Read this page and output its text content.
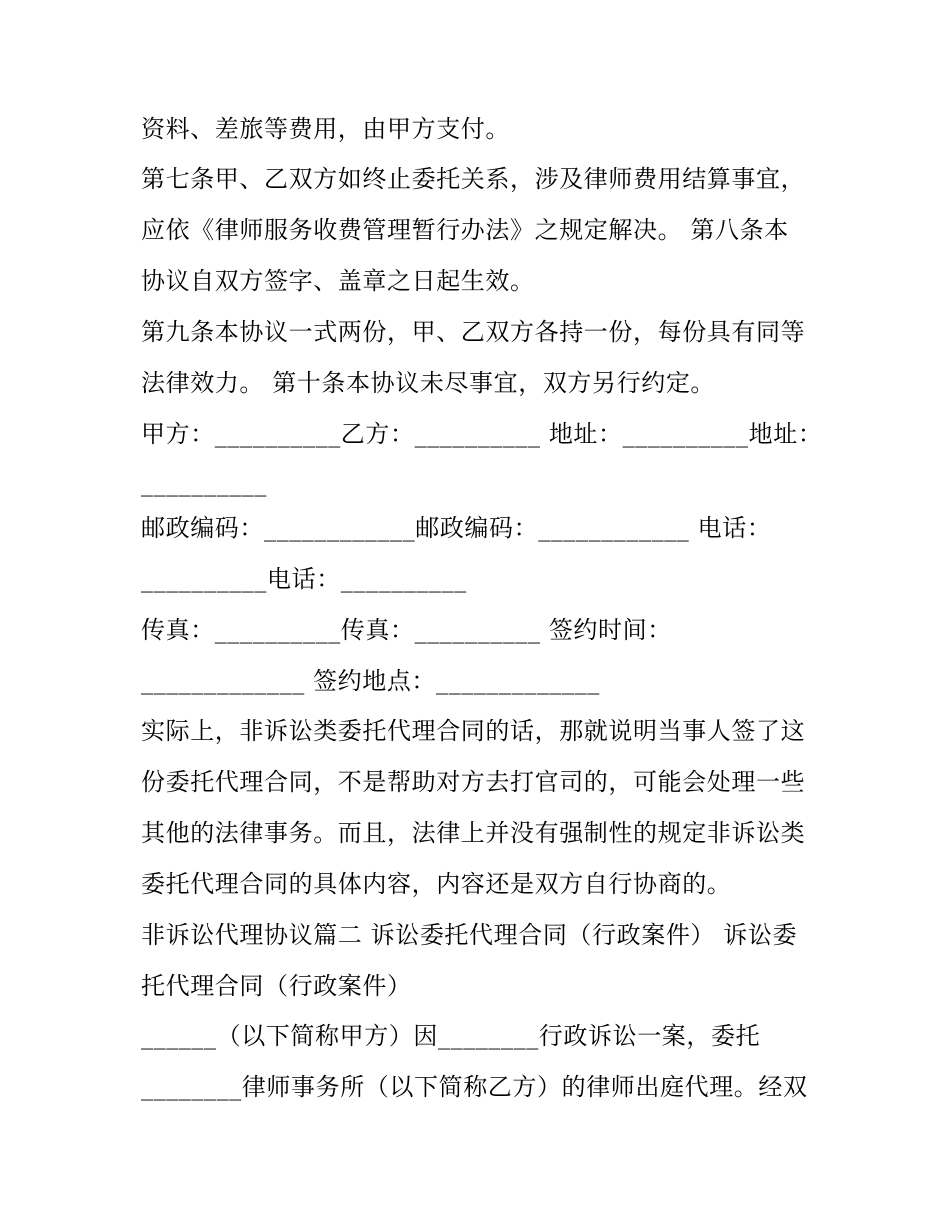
资料、差旅等费用，由甲方支付。

第七条甲、乙双方如终止委托关系，涉及律师费用结算事宜，

应依《律师服务收费管理暂行办法》之规定解决。 第八条本

协议自双方签字、盖章之日起生效。

第九条本协议一式两份，甲、乙双方各持一份，每份具有同等

法律效力。 第十条本协议未尽事宜，双方另行约定。

甲方：__________乙方：__________ 地址：__________地址：

__________

邮政编码：____________邮政编码：____________ 电话：

__________电话：__________

传真：__________传真：__________ 签约时间：

_____________ 签约地点：_____________

实际上，非诉讼类委托代理合同的话，那就说明当事人签了这

份委托代理合同，不是帮助对方去打官司的，可能会处理一些

其他的法律事务。而且，法律上并没有强制性的规定非诉讼类

委托代理合同的具体内容，内容还是双方自行协商的。

非诉讼代理协议篇二 诉讼委托代理合同（行政案件） 诉讼委

托代理合同（行政案件）

______（以下简称甲方）因________行政诉讼一案，委托

________律师事务所（以下简称乙方）的律师出庭代理。经双
